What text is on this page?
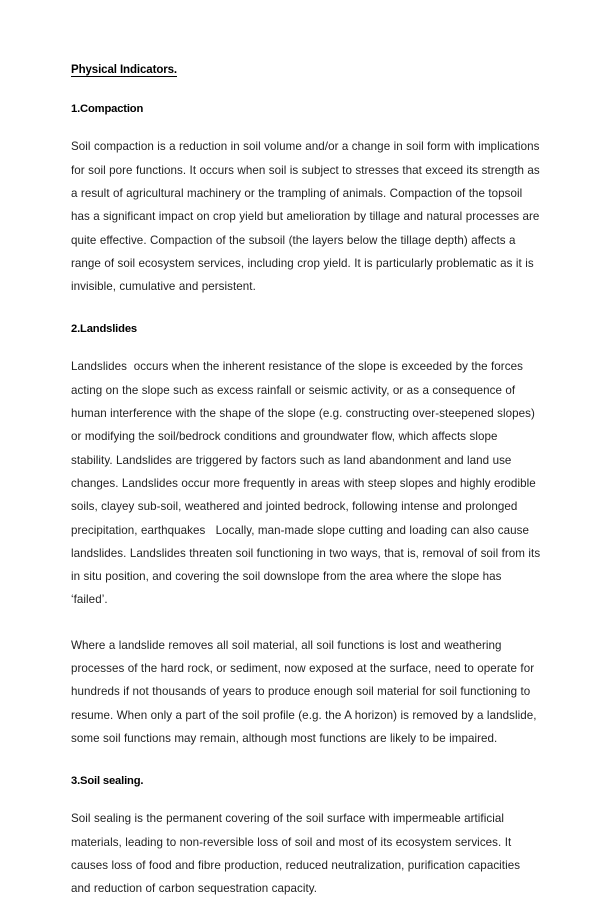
Physical Indicators.
1.Compaction

Soil compaction is a reduction in soil volume and/or a change in soil form with implications for soil pore functions. It occurs when soil is subject to stresses that exceed its strength as a result of agricultural machinery or the trampling of animals. Compaction of the topsoil has a significant impact on crop yield but amelioration by tillage and natural processes are quite effective. Compaction of the subsoil (the layers below the tillage depth) affects a range of soil ecosystem services, including crop yield. It is particularly problematic as it is invisible, cumulative and persistent.

2.Landslides

Landslides  occurs when the inherent resistance of the slope is exceeded by the forces acting on the slope such as excess rainfall or seismic activity, or as a consequence of human interference with the shape of the slope (e.g. constructing over-steepened slopes) or modifying the soil/bedrock conditions and groundwater flow, which affects slope stability. Landslides are triggered by factors such as land abandonment and land use changes. Landslides occur more frequently in areas with steep slopes and highly erodible soils, clayey sub-soil, weathered and jointed bedrock, following intense and prolonged precipitation, earthquakes   Locally, man-made slope cutting and loading can also cause landslides. Landslides threaten soil functioning in two ways, that is, removal of soil from its in situ position, and covering the soil downslope from the area where the slope has ‘failed’.

Where a landslide removes all soil material, all soil functions is lost and weathering processes of the hard rock, or sediment, now exposed at the surface, need to operate for hundreds if not thousands of years to produce enough soil material for soil functioning to resume. When only a part of the soil profile (e.g. the A horizon) is removed by a landslide, some soil functions may remain, although most functions are likely to be impaired.

3.Soil sealing.

Soil sealing is the permanent covering of the soil surface with impermeable artificial materials, leading to non-reversible loss of soil and most of its ecosystem services. It causes loss of food and fibre production, reduced neutralization, purification capacities and reduction of carbon sequestration capacity.
